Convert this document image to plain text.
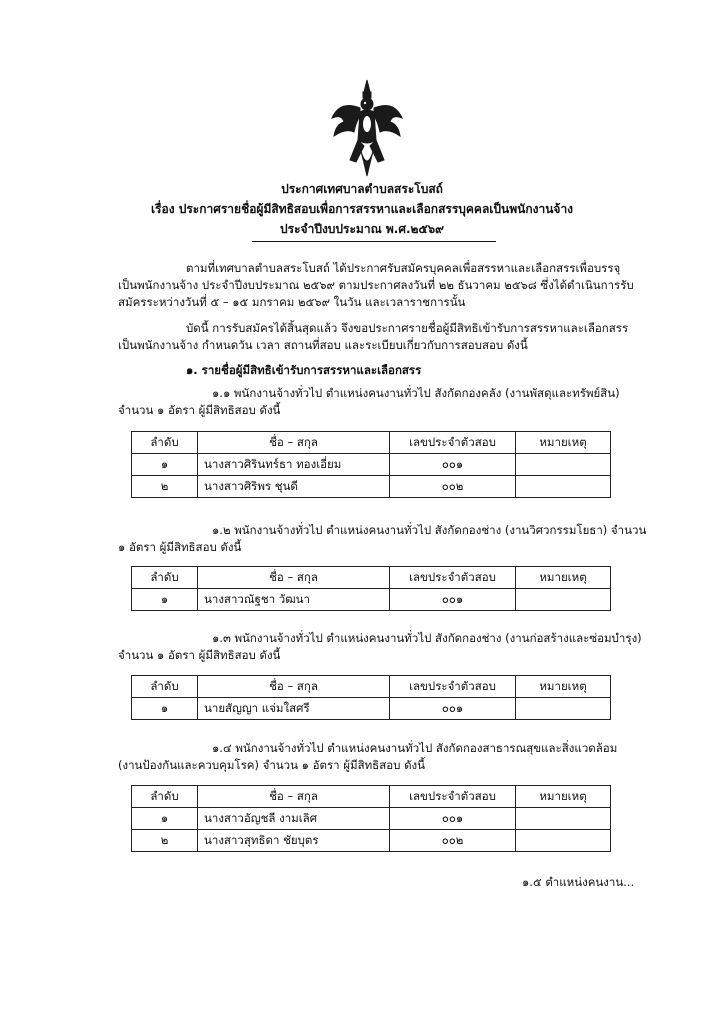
ประกาศเทศบาลตำบลสระโบสถ์
เรื่อง ประกาศรายชื่อผู้มีสิทธิสอบเพื่อการสรรหาและเลือกสรรบุคคลเป็นพนักงานจ้าง
ประจำปีงบประมาณ พ.ศ.๒๕๖๙
ตามที่เทศบาลตำบลสระโบสถ์ ได้ประกาศรับสมัครบุคคลเพื่อสรรหาและเลือกสรรเพื่อบรรจุ
เป็นพนักงานจ้าง ประจำปีงบประมาณ ๒๕๖๙ ตามประกาศลงวันที่ ๒๒ ธันวาคม ๒๕๖๘ ซึ่งได้ดำเนินการรับ
สมัครระหว่างวันที่ ๕ – ๑๕ มกราคม ๒๕๖๙ ในวัน และเวลาราชการนั้น
บัดนี้ การรับสมัครได้สิ้นสุดแล้ว จึงขอประกาศรายชื่อผู้มีสิทธิเข้ารับการสรรหาและเลือกสรร
เป็นพนักงานจ้าง กำหนดวัน เวลา สถานที่สอบ และระเบียบเกี่ยวกับการสอบสอบ ดังนี้
๑. รายชื่อผู้มีสิทธิเข้ารับการสรรหาและเลือกสรร
๑.๑ พนักงานจ้างทั่วไป ตำแหน่งคนงานทั่วไป สังกัดกองคลัง (งานพัสดุและทรัพย์สิน)
จำนวน ๑ อัตรา ผู้มีสิทธิสอบ ดังนี้
ลำดับ	ชื่อ – สกุล	เลขประจำตัวสอบ	หมายเหตุ
๑	นางสาวศิรินทร์ธา ทองเอี่ยม	๐๐๑	
๒	นางสาวศิริพร ชุนดี	๐๐๒	
๑.๒ พนักงานจ้างทั่วไป ตำแหน่งคนงานทั่วไป สังกัดกองช่าง (งานวิศวกรรมโยธา) จำนวน
๑ อัตรา ผู้มีสิทธิสอบ ดังนี้
ลำดับ	ชื่อ – สกุล	เลขประจำตัวสอบ	หมายเหตุ
๑	นางสาวณัฐชา วัฒนา	๐๐๑	
๑.๓ พนักงานจ้างทั่วไป ตำแหน่งคนงานทั่วไป สังกัดกองช่าง (งานก่อสร้างและซ่อมบำรุง)
จำนวน ๑ อัตรา ผู้มีสิทธิสอบ ดังนี้
ลำดับ	ชื่อ – สกุล	เลขประจำตัวสอบ	หมายเหตุ
๑	นายสัญญา แจ่มใสศรี	๐๐๑	
๑.๔ พนักงานจ้างทั่วไป ตำแหน่งคนงานทั่วไป สังกัดกองสาธารณสุขและสิ่งแวดล้อม
(งานป้องกันและควบคุมโรค) จำนวน ๑ อัตรา ผู้มีสิทธิสอบ ดังนี้
ลำดับ	ชื่อ – สกุล	เลขประจำตัวสอบ	หมายเหตุ
๑	นางสาวอัญชลี งามเลิศ	๐๐๑	
๒	นางสาวสุทธิดา ชัยบุตร	๐๐๒	
๑.๕ ตำแหน่งคนงาน...
